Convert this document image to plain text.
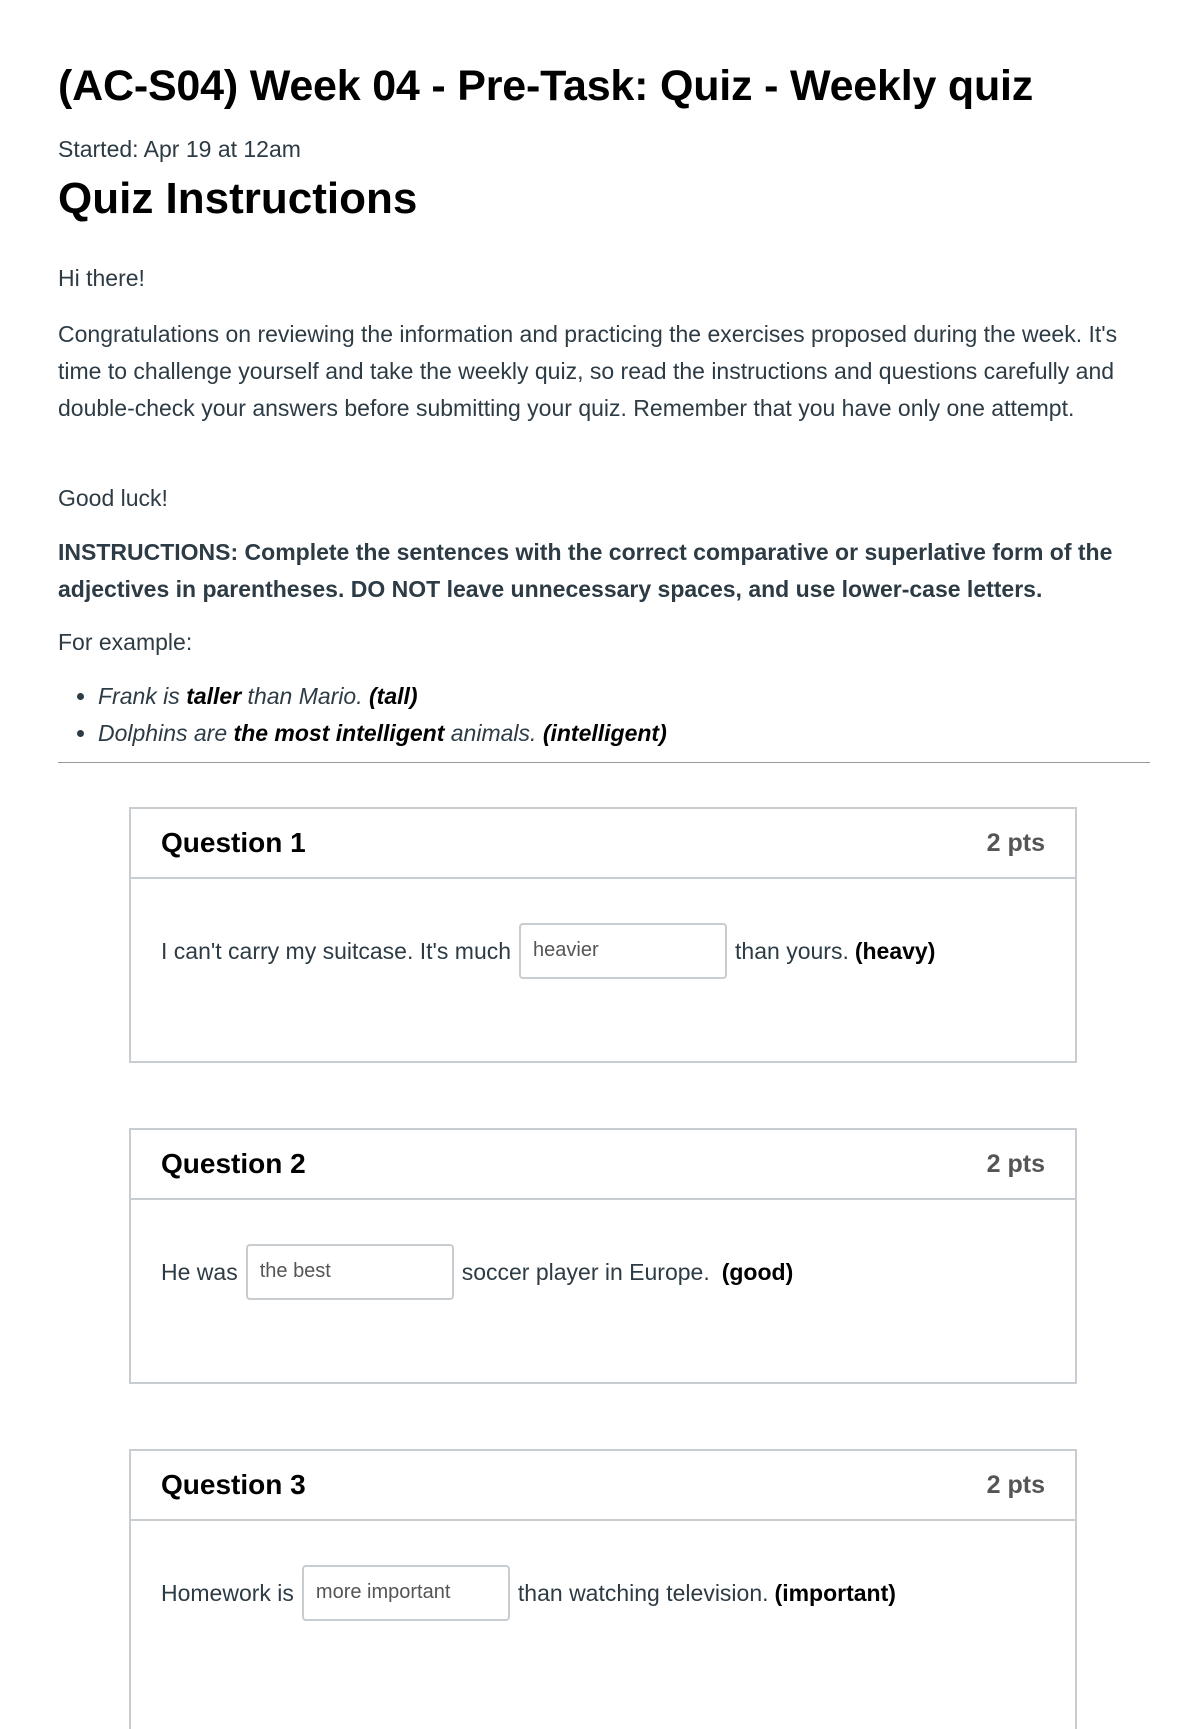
(AC-S04) Week 04 - Pre-Task: Quiz - Weekly quiz
Started: Apr 19 at 12am
Quiz Instructions
Hi there!
Congratulations on reviewing the information and practicing the exercises proposed during the week. It's time to challenge yourself and take the weekly quiz, so read the instructions and questions carefully and double-check your answers before submitting your quiz. Remember that you have only one attempt.
Good luck!
INSTRUCTIONS: Complete the sentences with the correct comparative or superlative form of the adjectives in parentheses. DO NOT leave unnecessary spaces, and use lower-case letters.
For example:
• Frank is taller than Mario. (tall)
• Dolphins are the most intelligent animals. (intelligent)
Question 1	2 pts
I can't carry my suitcase. It's much	heavier	than yours. (heavy)
Question 2	2 pts
He was	the best	soccer player in Europe. (good)
Question 3	2 pts
Homework is	more important	than watching television. (important)
